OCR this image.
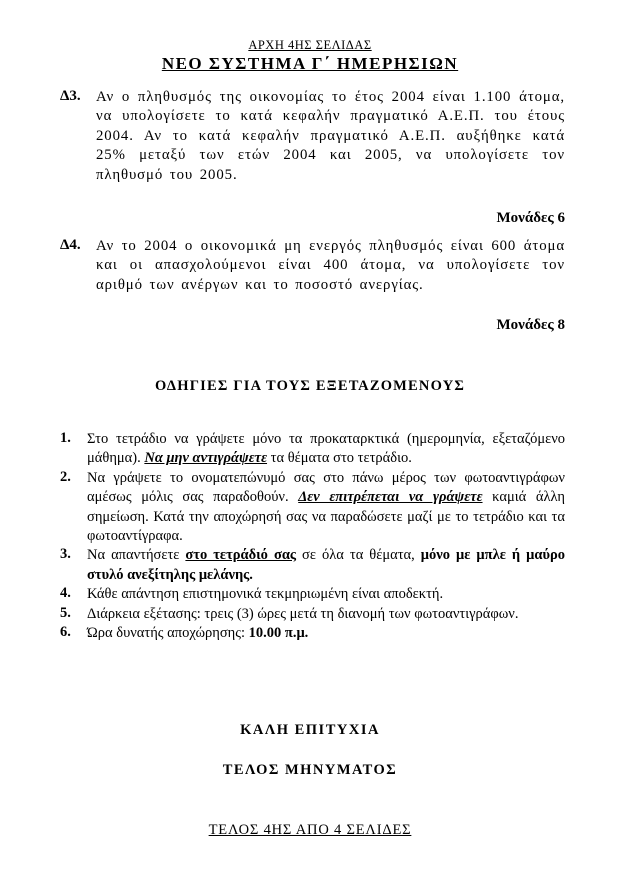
ΑΡΧΗ 4ΗΣ ΣΕΛΙΔΑΣ
ΝΕΟ ΣΥΣΤΗΜΑ Γ΄ ΗΜΕΡΗΣΙΩΝ
Δ3. Αν ο πληθυσμός της οικονομίας το έτος 2004 είναι 1.100 άτομα, να υπολογίσετε το κατά κεφαλήν πραγματικό Α.Ε.Π. του έτους 2004. Αν το κατά κεφαλήν πραγματικό Α.Ε.Π. αυξήθηκε κατά 25% μεταξύ των ετών 2004 και 2005, να υπολογίσετε τον πληθυσμό του 2005.
Μονάδες 6
Δ4. Αν το 2004 ο οικονομικά μη ενεργός πληθυσμός είναι 600 άτομα και οι απασχολούμενοι είναι 400 άτομα, να υπολογίσετε τον αριθμό των ανέργων και το ποσοστό ανεργίας.
Μονάδες 8
ΟΔΗΓΙΕΣ ΓΙΑ ΤΟΥΣ ΕΞΕΤΑΖΟΜΕΝΟΥΣ
1. Στο τετράδιο να γράψετε μόνο τα προκαταρκτικά (ημερομηνία, εξεταζόμενο μάθημα). Να μην αντιγράψετε τα θέματα στο τετράδιο.
2. Να γράψετε το ονοματεπώνυμό σας στο πάνω μέρος των φωτοαντιγράφων αμέσως μόλις σας παραδοθούν. Δεν επιτρέπεται να γράψετε καμιά άλλη σημείωση. Κατά την αποχώρησή σας να παραδώσετε μαζί με το τετράδιο και τα φωτοαντίγραφα.
3. Να απαντήσετε στο τετράδιό σας σε όλα τα θέματα, μόνο με μπλε ή μαύρο στυλό ανεξίτηλης μελάνης.
4. Κάθε απάντηση επιστημονικά τεκμηριωμένη είναι αποδεκτή.
5. Διάρκεια εξέτασης: τρεις (3) ώρες μετά τη διανομή των φωτοαντιγράφων.
6. Ώρα δυνατής αποχώρησης: 10.00 π.μ.
ΚΑΛΗ ΕΠΙΤΥΧΙΑ
ΤΕΛΟΣ ΜΗΝΥΜΑΤΟΣ
ΤΕΛΟΣ 4ΗΣ ΑΠΟ 4 ΣΕΛΙΔΕΣ
